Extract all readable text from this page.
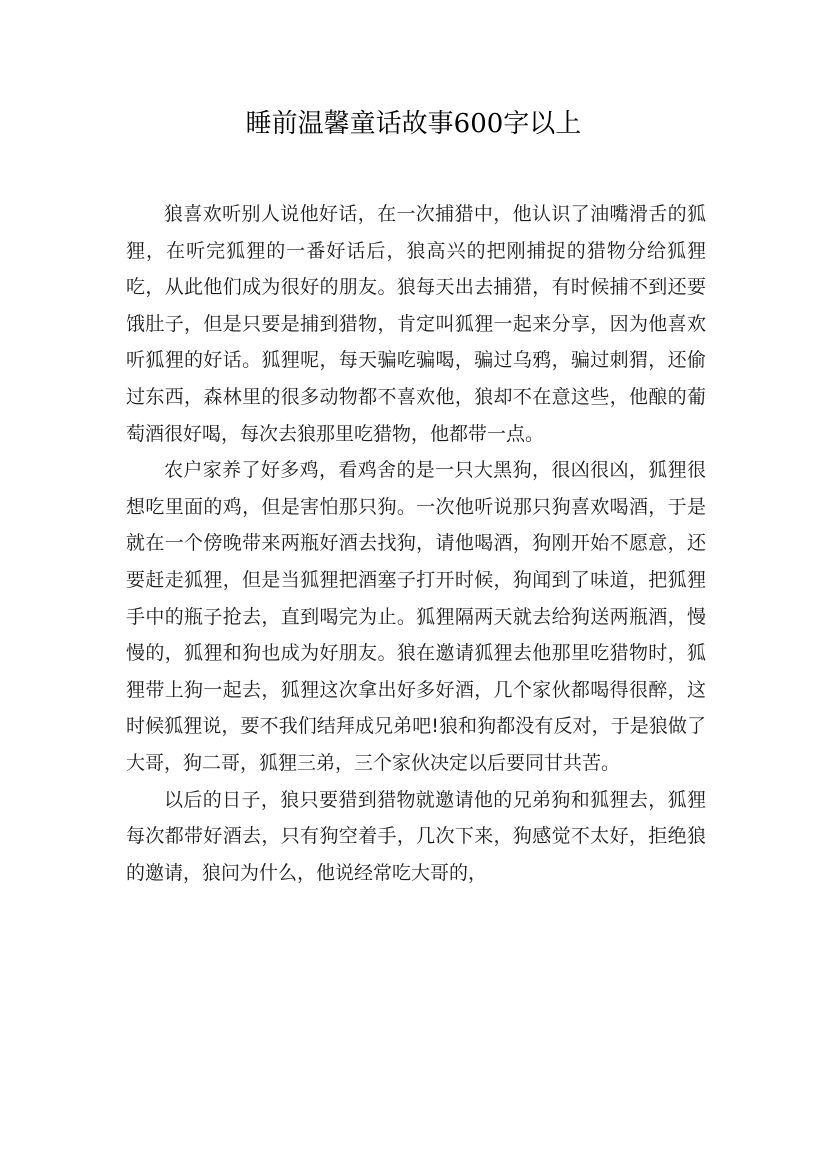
睡前温馨童话故事600字以上

狼喜欢听别人说他好话，在一次捕猎中，他认识了油嘴滑舌的狐狸，在听完狐狸的一番好话后，狼高兴的把刚捕捉的猎物分给狐狸吃，从此他们成为很好的朋友。狼每天出去捕猎，有时候捕不到还要饿肚子，但是只要是捕到猎物，肯定叫狐狸一起来分享，因为他喜欢听狐狸的好话。狐狸呢，每天骗吃骗喝，骗过乌鸦，骗过刺猬，还偷过东西，森林里的很多动物都不喜欢他，狼却不在意这些，他酿的葡萄酒很好喝，每次去狼那里吃猎物，他都带一点。

农户家养了好多鸡，看鸡舍的是一只大黑狗，很凶很凶，狐狸很想吃里面的鸡，但是害怕那只狗。一次他听说那只狗喜欢喝酒，于是就在一个傍晚带来两瓶好酒去找狗，请他喝酒，狗刚开始不愿意，还要赶走狐狸，但是当狐狸把酒塞子打开时候，狗闻到了味道，把狐狸手中的瓶子抢去，直到喝完为止。狐狸隔两天就去给狗送两瓶酒，慢慢的，狐狸和狗也成为好朋友。狼在邀请狐狸去他那里吃猎物时，狐狸带上狗一起去，狐狸这次拿出好多好酒，几个家伙都喝得很醉，这时候狐狸说，要不我们结拜成兄弟吧!狼和狗都没有反对，于是狼做了大哥，狗二哥，狐狸三弟，三个家伙决定以后要同甘共苦。

以后的日子，狼只要猎到猎物就邀请他的兄弟狗和狐狸去，狐狸每次都带好酒去，只有狗空着手，几次下来，狗感觉不太好，拒绝狼的邀请，狼问为什么，他说经常吃大哥的，
